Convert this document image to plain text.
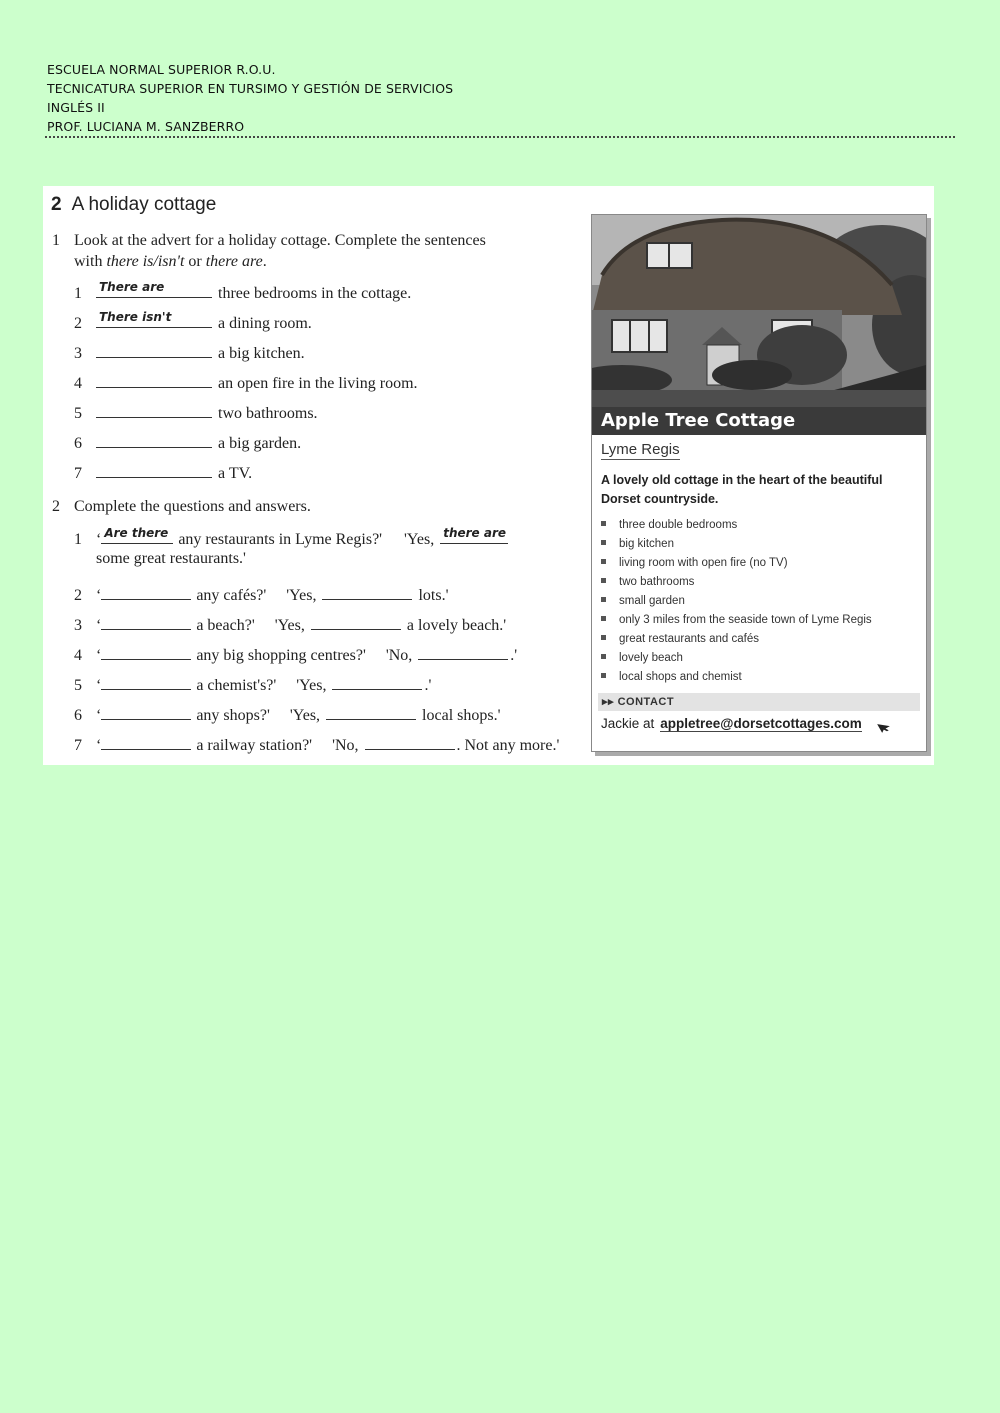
ESCUELA NORMAL SUPERIOR R.O.U.
TECNICATURA SUPERIOR EN TURSIMO Y GESTIÓN DE SERVICIOS
INGLÉS II
PROF. LUCIANA M. SANZBERRO
2 A holiday cottage
1 Look at the advert for a holiday cottage. Complete the sentences
with there is/isn't or there are.
1 There are	three bedrooms in the cottage.
2 There isn't	a dining room.
3	a big kitchen.
4	an open fire in the living room.
5	two bathrooms.
6	a big garden.
7	a TV.
2 Complete the questions and answers.
1 ‘ Are there any restaurants in Lyme Regis?' 'Yes, there are
some great restaurants.'
2 ‘	any cafés?' 'Yes,	lots.'
3 ‘	a beach?' 'Yes,	a lovely beach.'
4 ‘	any big shopping centres?' 'No,	.'
5 ‘	a chemist's?' 'Yes,	.'
6 ‘	any shops?' 'Yes,	local shops.'
7 ‘	a railway station?' 'No,	. Not any more.'
Apple Tree Cottage
Lyme Regis
A lovely old cottage in the heart of the beautiful Dorset countryside.
three double bedrooms
big kitchen
living room with open fire (no TV)
two bathrooms
small garden
only 3 miles from the seaside town of Lyme Regis
great restaurants and cafés
lovely beach
local shops and chemist
▸▸ CONTACT
Jackie at appletree@dorsetcottages.com
